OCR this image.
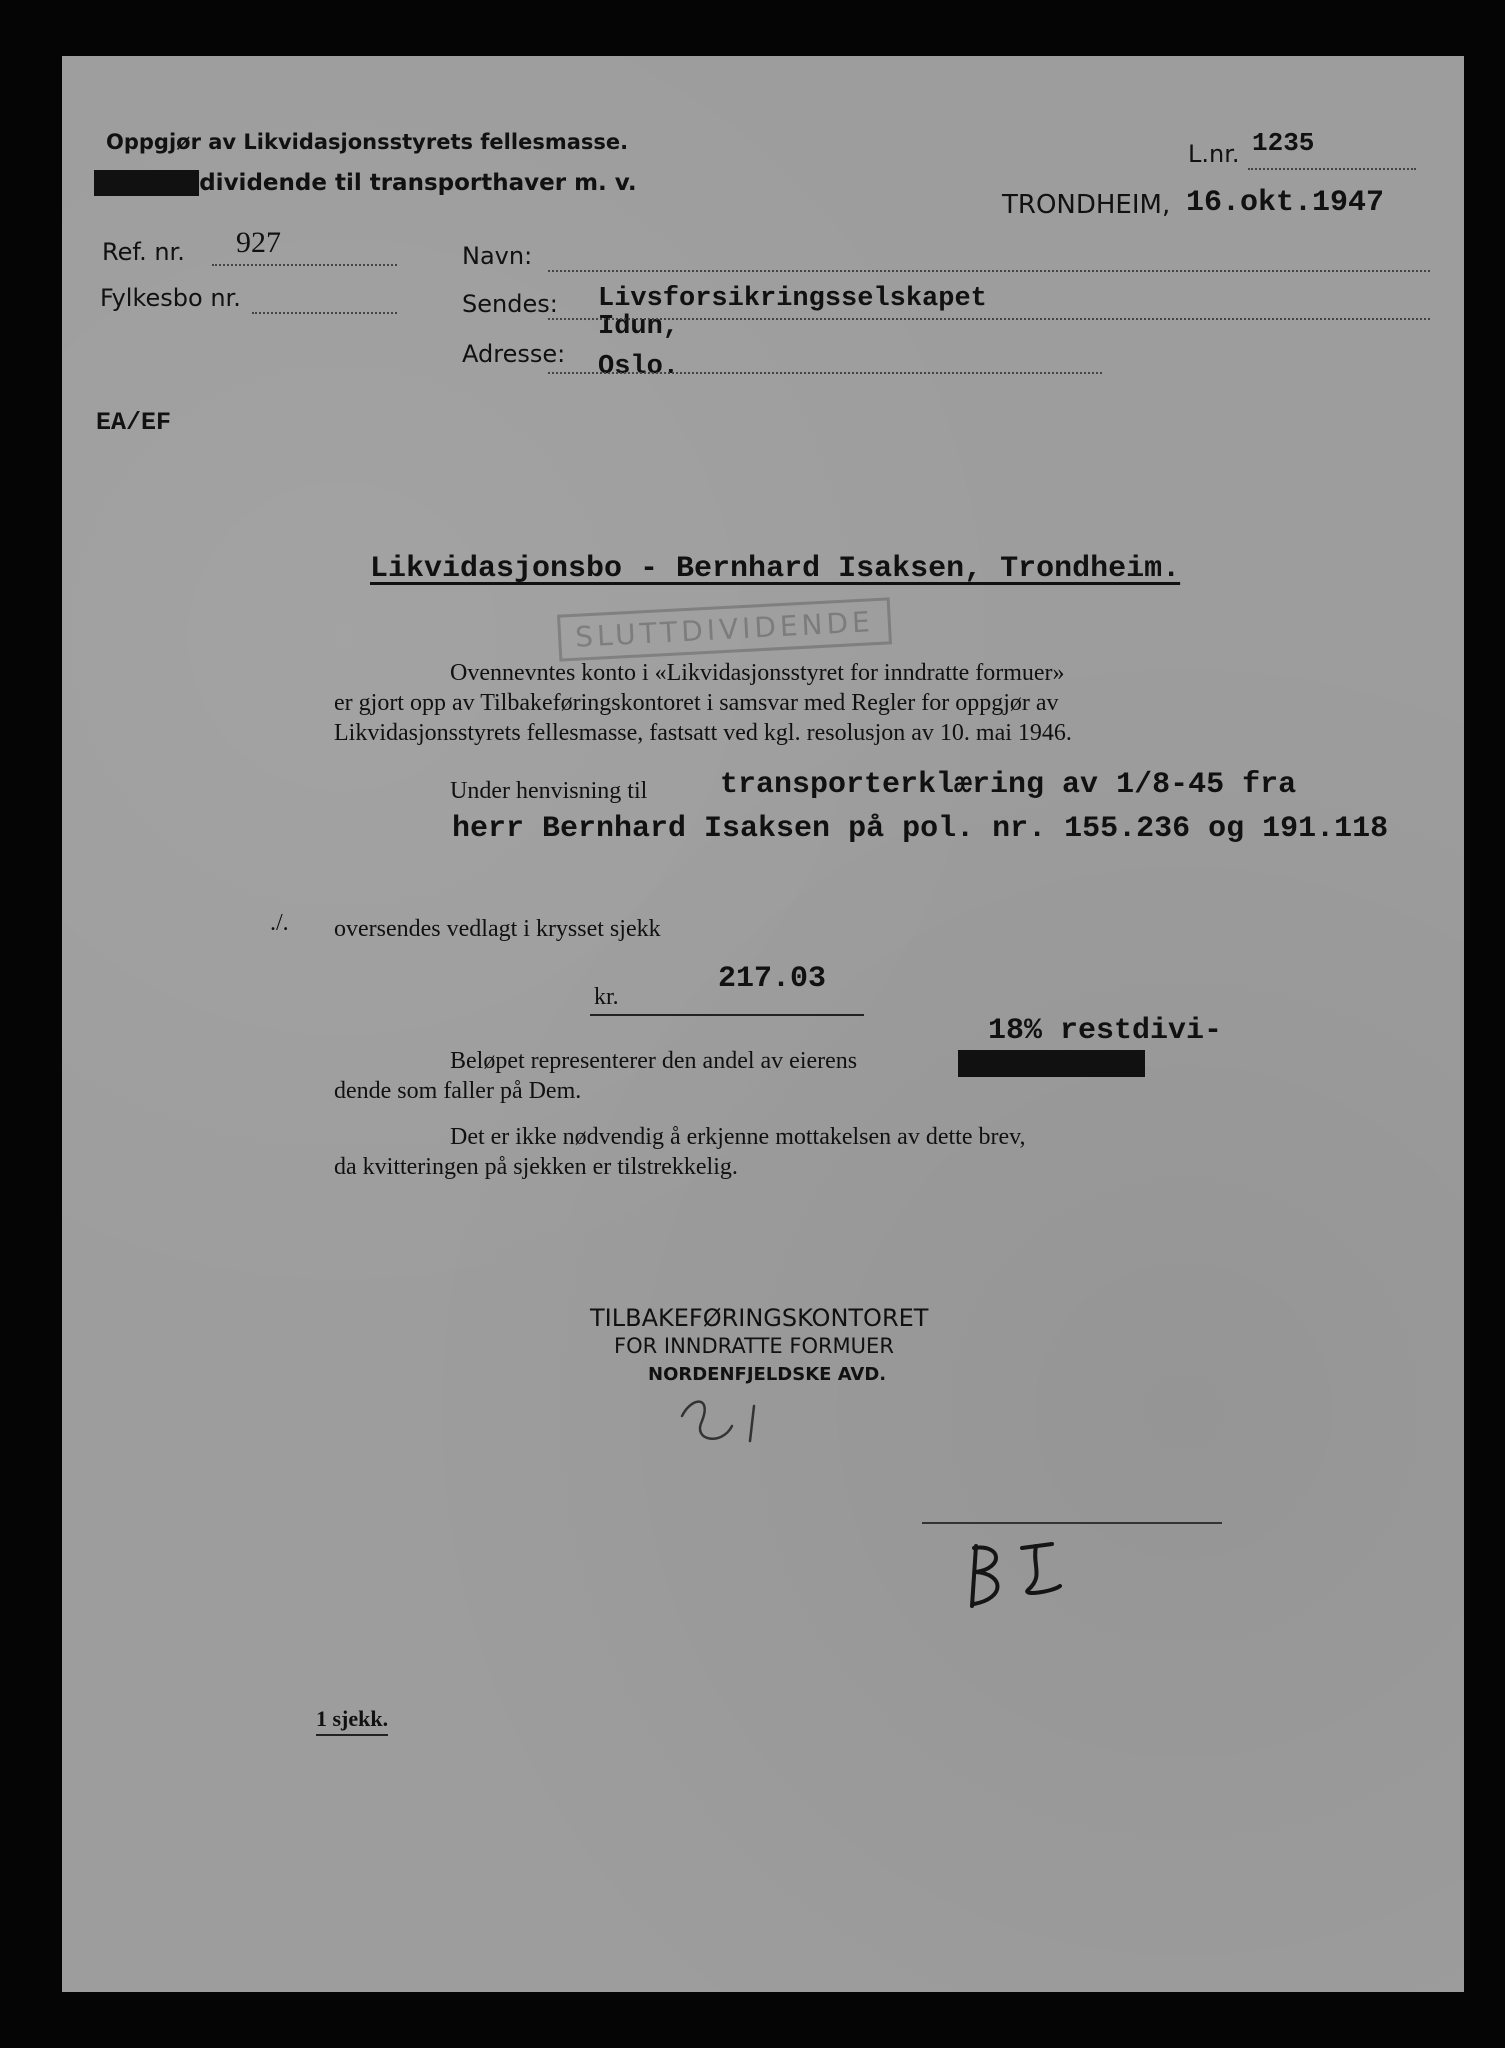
Oppgjør av Likvidasjonsstyrets fellesmasse.
Restdividividende til transporthaver m. v.
L.nr. 1235
TRONDHEIM, 16.okt.1947
Ref. nr. 927
Fylkesbo nr.
Navn:
Sendes: Livsforsikringsselskapet
Idun,
Adresse: Oslo.
EA/EF
Likvidasjonsbo - Bernhard Isaksen, Trondheim.
SLUTTDIVIDENDE
Ovennevntes konto i «Likvidasjonsstyret for inndratte formuer»
er gjort opp av Tilbakeføringskontoret i samsvar med Regler for oppgjør av
Likvidasjonsstyrets fellesmasse, fastsatt ved kgl. resolusjon av 10. mai 1946.
Under henvisning til transporterklæring av 1/8-45 fra
herr Bernhard Isaksen på pol. nr. 155.236 og 191.118
./. oversendes vedlagt i krysset sjekk
kr.
217.03
18% restdivi-
Beløpet representerer den andel av eierens	XXXXXXXXXXXXX
dende som faller på Dem.
Det er ikke nødvendig å erkjenne mottakelsen av dette brev,
da kvitteringen på sjekken er tilstrekkelig.
TILBAKEFØRINGSKONTORET
FOR INNDRATTE FORMUER
NORDENFJELDSKE AVD.
1 sjekk.
